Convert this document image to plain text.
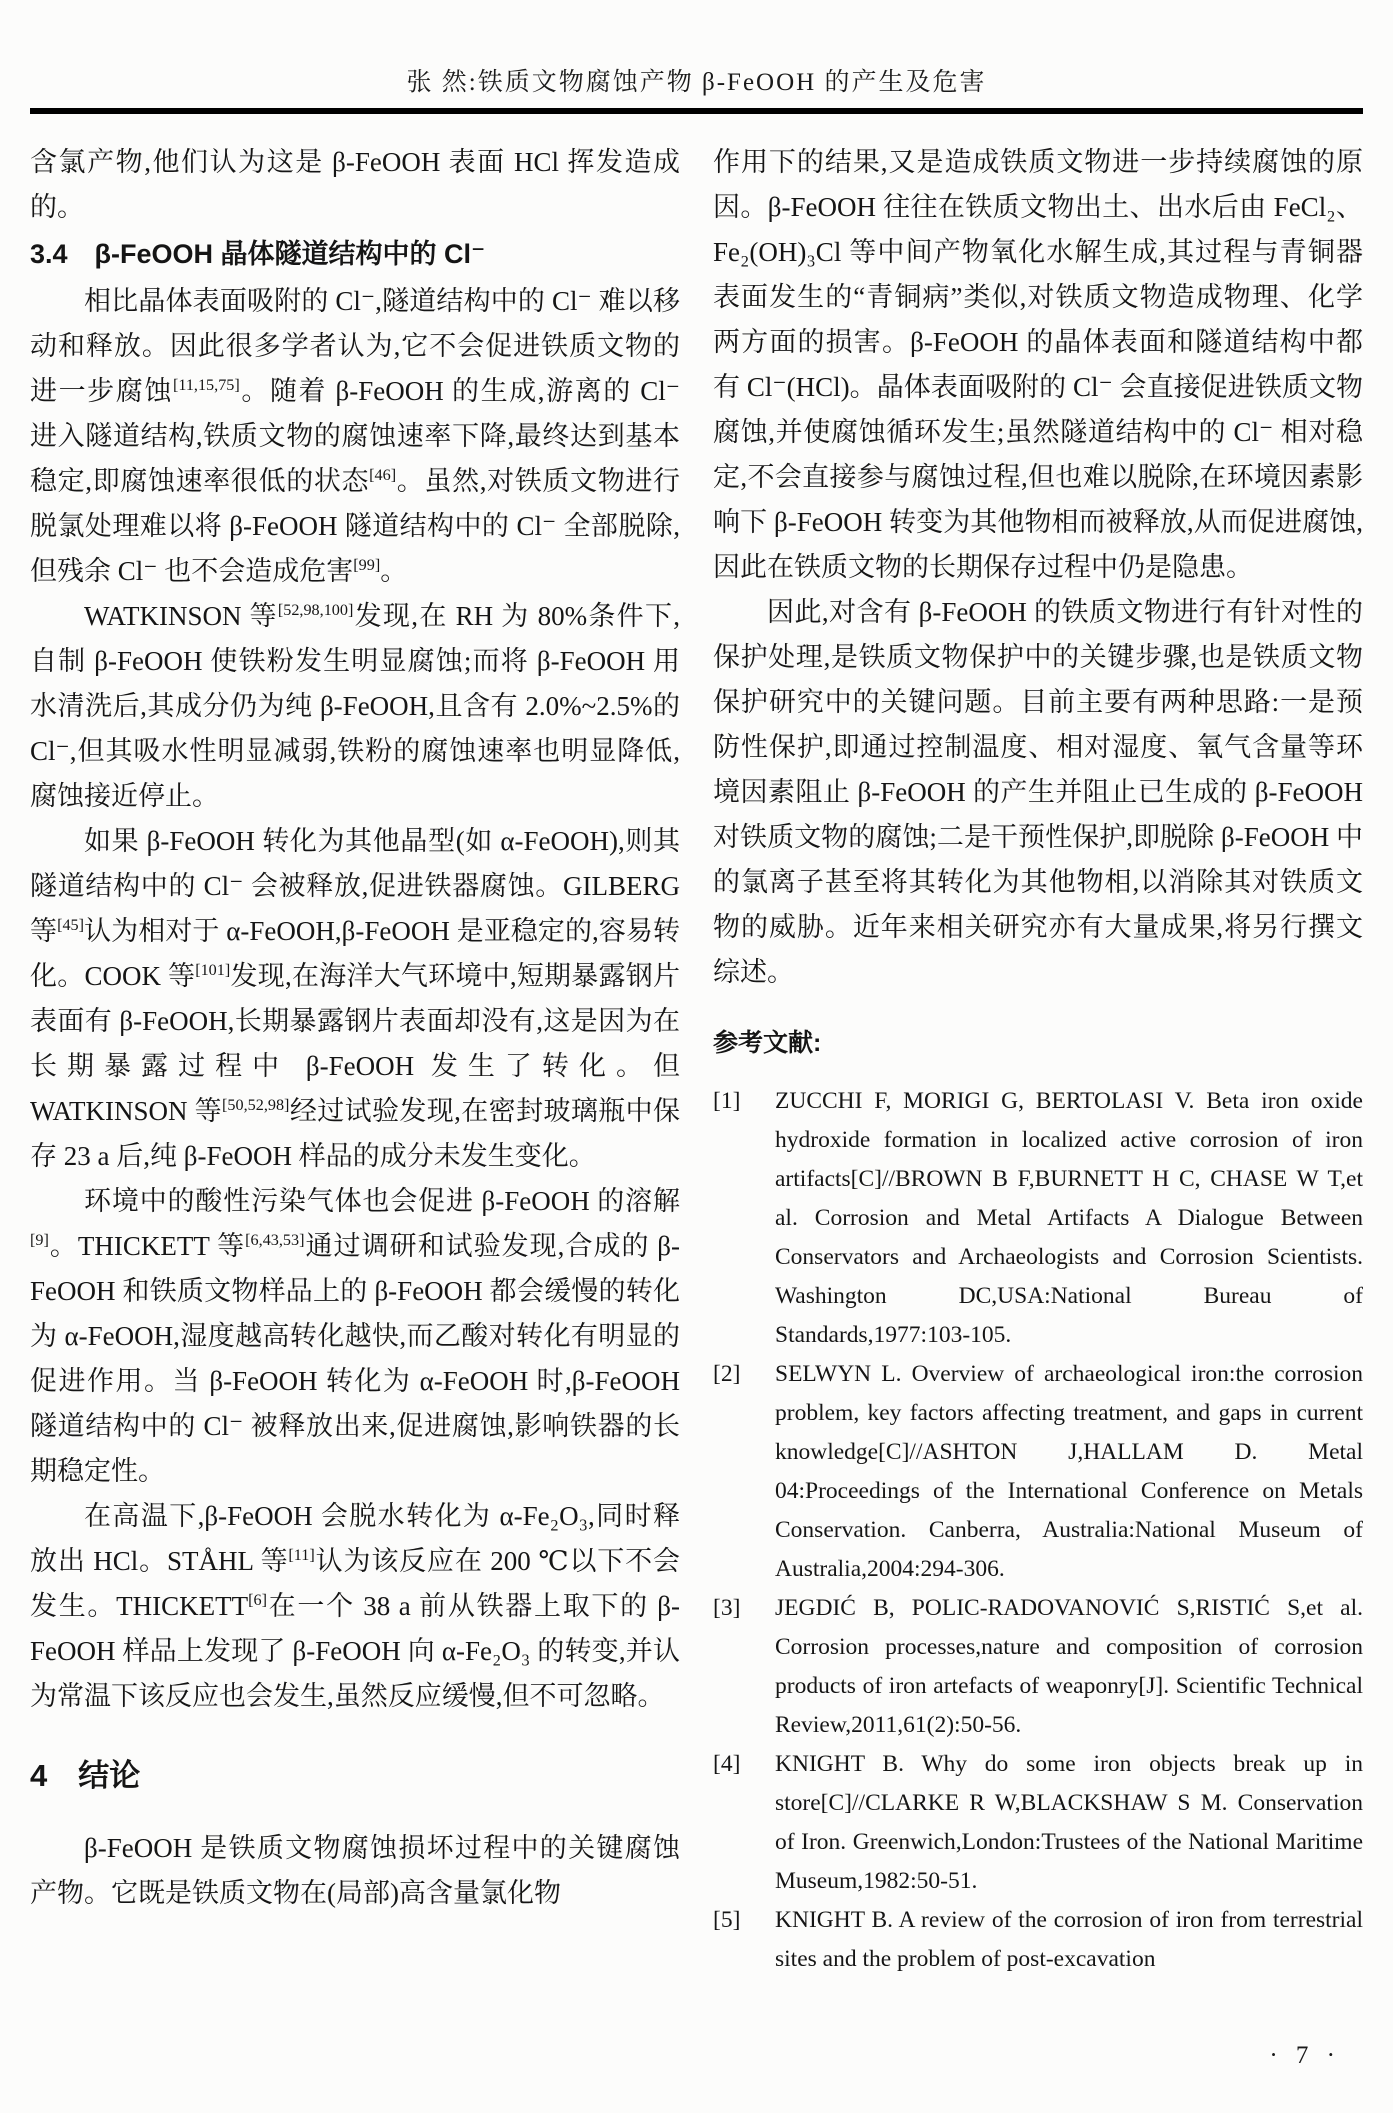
张 然:铁质文物腐蚀产物 β-FeOOH 的产生及危害

含氯产物,他们认为这是 β-FeOOH 表面 HCl 挥发造成的。

3.4　β-FeOOH 晶体隧道结构中的 Cl⁻

相比晶体表面吸附的 Cl⁻,隧道结构中的 Cl⁻ 难以移动和释放。因此很多学者认为,它不会促进铁质文物的进一步腐蚀[11,15,75]。随着 β-FeOOH 的生成,游离的 Cl⁻ 进入隧道结构,铁质文物的腐蚀速率下降,最终达到基本稳定,即腐蚀速率很低的状态[46]。虽然,对铁质文物进行脱氯处理难以将 β-FeOOH 隧道结构中的 Cl⁻ 全部脱除,但残余 Cl⁻ 也不会造成危害[99]。

WATKINSON 等[52,98,100]发现,在 RH 为 80%条件下,自制 β-FeOOH 使铁粉发生明显腐蚀;而将 β-FeOOH 用水清洗后,其成分仍为纯 β-FeOOH,且含有 2.0%~2.5%的 Cl⁻,但其吸水性明显减弱,铁粉的腐蚀速率也明显降低,腐蚀接近停止。

如果 β-FeOOH 转化为其他晶型(如 α-FeOOH),则其隧道结构中的 Cl⁻ 会被释放,促进铁器腐蚀。GILBERG 等[45]认为相对于 α-FeOOH,β-FeOOH 是亚稳定的,容易转化。COOK 等[101]发现,在海洋大气环境中,短期暴露钢片表面有 β-FeOOH,长期暴露钢片表面却没有,这是因为在长期暴露过程中 β-FeOOH 发生了转化。但 WATKINSON 等[50,52,98]经过试验发现,在密封玻璃瓶中保存 23 a 后,纯 β-FeOOH 样品的成分未发生变化。

环境中的酸性污染气体也会促进 β-FeOOH 的溶解[9]。THICKETT 等[6,43,53]通过调研和试验发现,合成的 β-FeOOH 和铁质文物样品上的 β-FeOOH 都会缓慢的转化为 α-FeOOH,湿度越高转化越快,而乙酸对转化有明显的促进作用。当 β-FeOOH 转化为 α-FeOOH 时,β-FeOOH 隧道结构中的 Cl⁻ 被释放出来,促进腐蚀,影响铁器的长期稳定性。

在高温下,β-FeOOH 会脱水转化为 α-Fe₂O₃,同时释放出 HCl。STÅHL 等[11]认为该反应在 200 ℃以下不会发生。THICKETT[6]在一个 38 a 前从铁器上取下的 β-FeOOH 样品上发现了 β-FeOOH 向 α-Fe₂O₃ 的转变,并认为常温下该反应也会发生,虽然反应缓慢,但不可忽略。

4　结论

β-FeOOH 是铁质文物腐蚀损坏过程中的关键腐蚀产物。它既是铁质文物在(局部)高含量氯化物

作用下的结果,又是造成铁质文物进一步持续腐蚀的原因。β-FeOOH 往往在铁质文物出土、出水后由 FeCl₂、Fe₂(OH)₃Cl 等中间产物氧化水解生成,其过程与青铜器表面发生的“青铜病”类似,对铁质文物造成物理、化学两方面的损害。β-FeOOH 的晶体表面和隧道结构中都有 Cl⁻(HCl)。晶体表面吸附的 Cl⁻ 会直接促进铁质文物腐蚀,并使腐蚀循环发生;虽然隧道结构中的 Cl⁻ 相对稳定,不会直接参与腐蚀过程,但也难以脱除,在环境因素影响下 β-FeOOH 转变为其他物相而被释放,从而促进腐蚀,因此在铁质文物的长期保存过程中仍是隐患。

因此,对含有 β-FeOOH 的铁质文物进行有针对性的保护处理,是铁质文物保护中的关键步骤,也是铁质文物保护研究中的关键问题。目前主要有两种思路:一是预防性保护,即通过控制温度、相对湿度、氧气含量等环境因素阻止 β-FeOOH 的产生并阻止已生成的 β-FeOOH 对铁质文物的腐蚀;二是干预性保护,即脱除 β-FeOOH 中的氯离子甚至将其转化为其他物相,以消除其对铁质文物的威胁。近年来相关研究亦有大量成果,将另行撰文综述。

参考文献:
[1]	ZUCCHI F, MORIGI G, BERTOLASI V. Beta iron oxide hydroxide formation in localized active corrosion of iron artifacts[C]//BROWN B F,BURNETT H C, CHASE W T,et al. Corrosion and Metal Artifacts A Dialogue Between Conservators and Archaeologists and Corrosion Scientists. Washington DC,USA:National Bureau of Standards,1977:103-105.
[2]	SELWYN L. Overview of archaeological iron:the corrosion problem, key factors affecting treatment, and gaps in current knowledge[C]//ASHTON J,HALLAM D. Metal 04:Proceedings of the International Conference on Metals Conservation. Canberra, Australia:National Museum of Australia,2004:294-306.
[3]	JEGDIĆ B, POLIC-RADOVANOVIĆ S,RISTIĆ S,et al. Corrosion processes,nature and composition of corrosion products of iron artefacts of weaponry[J]. Scientific Technical Review,2011,61(2):50-56.
[4]	KNIGHT B. Why do some iron objects break up in store[C]//CLARKE R W,BLACKSHAW S M. Conservation of Iron. Greenwich,London:Trustees of the National Maritime Museum,1982:50-51.
[5]	KNIGHT B. A review of the corrosion of iron from terrestrial sites and the problem of post-excavation
· 7 ·
